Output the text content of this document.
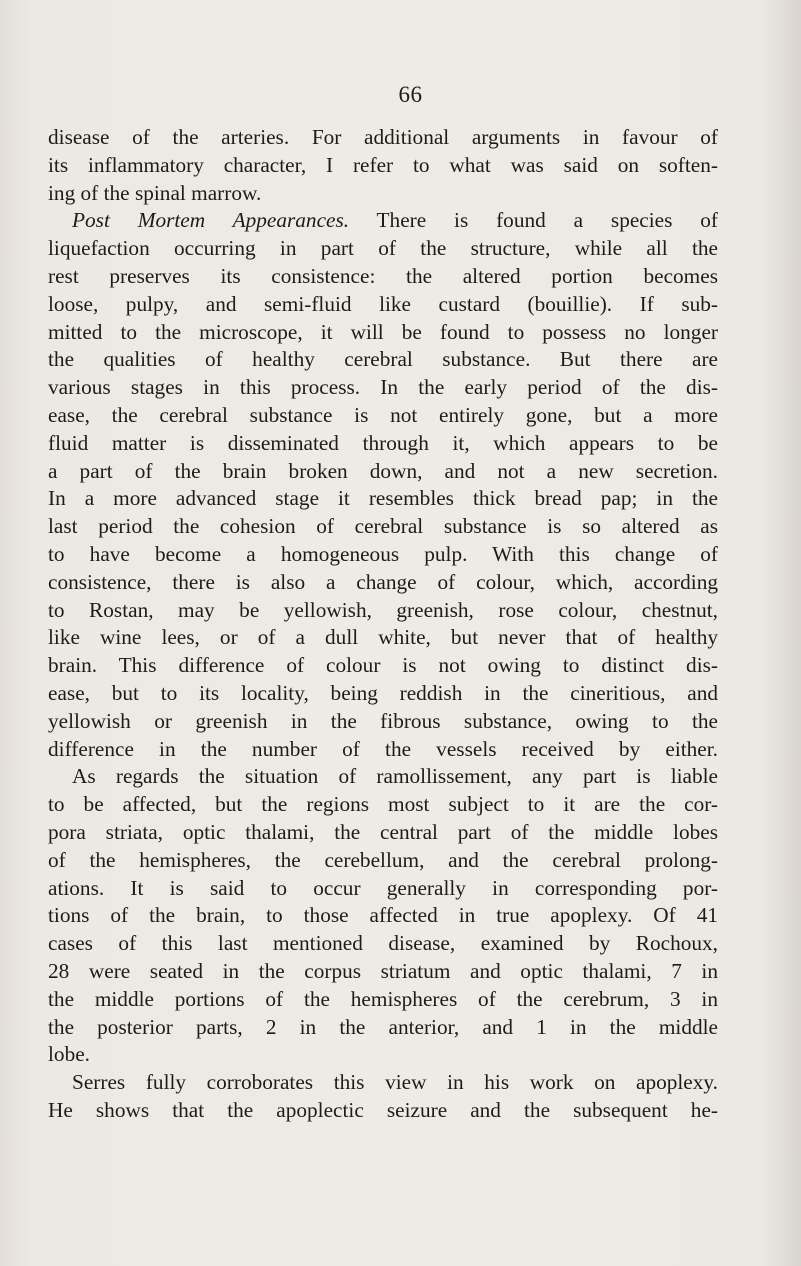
66

disease of the arteries. For additional arguments in favour of
its inflammatory character, I refer to what was said on soften-
ing of the spinal marrow.

Post Mortem Appearances. There is found a species of
liquefaction occurring in part of the structure, while all the
rest preserves its consistence: the altered portion becomes
loose, pulpy, and semi-fluid like custard (bouillie). If sub-
mitted to the microscope, it will be found to possess no longer
the qualities of healthy cerebral substance. But there are
various stages in this process. In the early period of the dis-
ease, the cerebral substance is not entirely gone, but a more
fluid matter is disseminated through it, which appears to be
a part of the brain broken down, and not a new secretion.
In a more advanced stage it resembles thick bread pap; in the
last period the cohesion of cerebral substance is so altered as
to have become a homogeneous pulp. With this change of
consistence, there is also a change of colour, which, according
to Rostan, may be yellowish, greenish, rose colour, chestnut,
like wine lees, or of a dull white, but never that of healthy
brain. This difference of colour is not owing to distinct dis-
ease, but to its locality, being reddish in the cineritious, and
yellowish or greenish in the fibrous substance, owing to the
difference in the number of the vessels received by either.
As regards the situation of ramollissement, any part is liable
to be affected, but the regions most subject to it are the cor-
pora striata, optic thalami, the central part of the middle lobes
of the hemispheres, the cerebellum, and the cerebral prolong-
ations. It is said to occur generally in corresponding por-
tions of the brain, to those affected in true apoplexy. Of 41
cases of this last mentioned disease, examined by Rochoux,
28 were seated in the corpus striatum and optic thalami, 7 in
the middle portions of the hemispheres of the cerebrum, 3 in
the posterior parts, 2 in the anterior, and 1 in the middle
lobe.

Serres fully corroborates this view in his work on apoplexy.
He shows that the apoplectic seizure and the subsequent he-
